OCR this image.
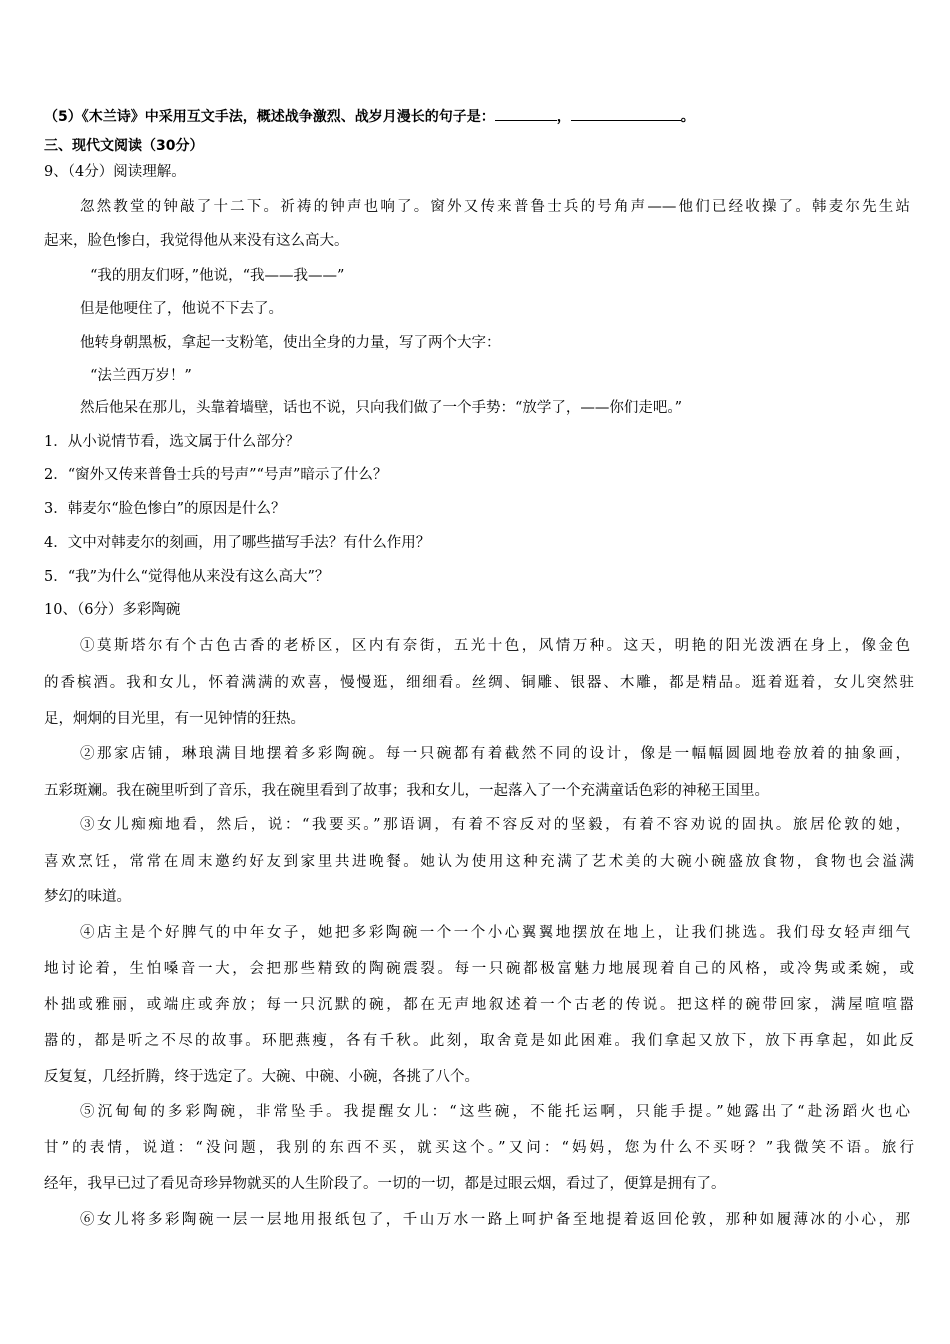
（5）《木兰诗》中采用互文手法，概述战争激烈、战岁月漫长的句子是：	，	。
三、现代文阅读（30分）
9、（4分）阅读理解。
忽然教堂的钟敲了十二下。祈祷的钟声也响了。窗外又传来普鲁士兵的号角声——他们已经收操了。韩麦尔先生站
起来，脸色惨白，我觉得他从来没有这么高大。
“我的朋友们呀，”他说，“我——我——”
但是他哽住了，他说不下去了。
他转身朝黑板，拿起一支粉笔，使出全身的力量，写了两个大字：
“法兰西万岁！”
然后他呆在那儿，头靠着墙壁，话也不说，只向我们做了一个手势：“放学了，——你们走吧。”
1．从小说情节看，选文属于什么部分？
2．“窗外又传来普鲁士兵的号声”“号声”暗示了什么？
3．韩麦尔“脸色惨白”的原因是什么？
4．文中对韩麦尔的刻画，用了哪些描写手法？有什么作用？
5．“我”为什么“觉得他从来没有这么高大”？
10、（6分）多彩陶碗
①莫斯塔尔有个古色古香的老桥区，区内有奈街，五光十色，风情万种。这天，明艳的阳光泼洒在身上，像金色
的香槟酒。我和女儿，怀着满满的欢喜，慢慢逛，细细看。丝绸、铜雕、银器、木雕，都是精品。逛着逛着，女儿突然驻
足，炯炯的目光里，有一见钟情的狂热。
②那家店铺，琳琅满目地摆着多彩陶碗。每一只碗都有着截然不同的设计，像是一幅幅圆圆地卷放着的抽象画，
五彩斑斓。我在碗里听到了音乐，我在碗里看到了故事；我和女儿，一起落入了一个充满童话色彩的神秘王国里。
③女儿痴痴地看，然后，说：“我要买。”那语调，有着不容反对的坚毅，有着不容劝说的固执。旅居伦敦的她，
喜欢烹饪，常常在周末邀约好友到家里共进晚餐。她认为使用这种充满了艺术美的大碗小碗盛放食物，食物也会溢满
梦幻的味道。
④店主是个好脾气的中年女子，她把多彩陶碗一个一个小心翼翼地摆放在地上，让我们挑选。我们母女轻声细气
地讨论着，生怕嗓音一大，会把那些精致的陶碗震裂。每一只碗都极富魅力地展现着自己的风格，或冷隽或柔婉，或
朴拙或雅丽，或端庄或奔放；每一只沉默的碗，都在无声地叙述着一个古老的传说。把这样的碗带回家，满屋喧喧嚣
嚣的，都是听之不尽的故事。环肥燕瘦，各有千秋。此刻，取舍竟是如此困难。我们拿起又放下，放下再拿起，如此反
反复复，几经折腾，终于选定了。大碗、中碗、小碗，各挑了八个。
⑤沉甸甸的多彩陶碗，非常坠手。我提醒女儿：“这些碗，不能托运啊，只能手提。”她露出了“赴汤蹈火也心
甘”的表情，说道：“没问题，我别的东西不买，就买这个。”又问：“妈妈，您为什么不买呀？”我微笑不语。旅行
经年，我早已过了看见奇珍异物就买的人生阶段了。一切的一切，都是过眼云烟，看过了，便算是拥有了。
⑥女儿将多彩陶碗一层一层地用报纸包了，千山万水一路上呵护备至地提着返回伦敦，那种如履薄冰的小心，那
